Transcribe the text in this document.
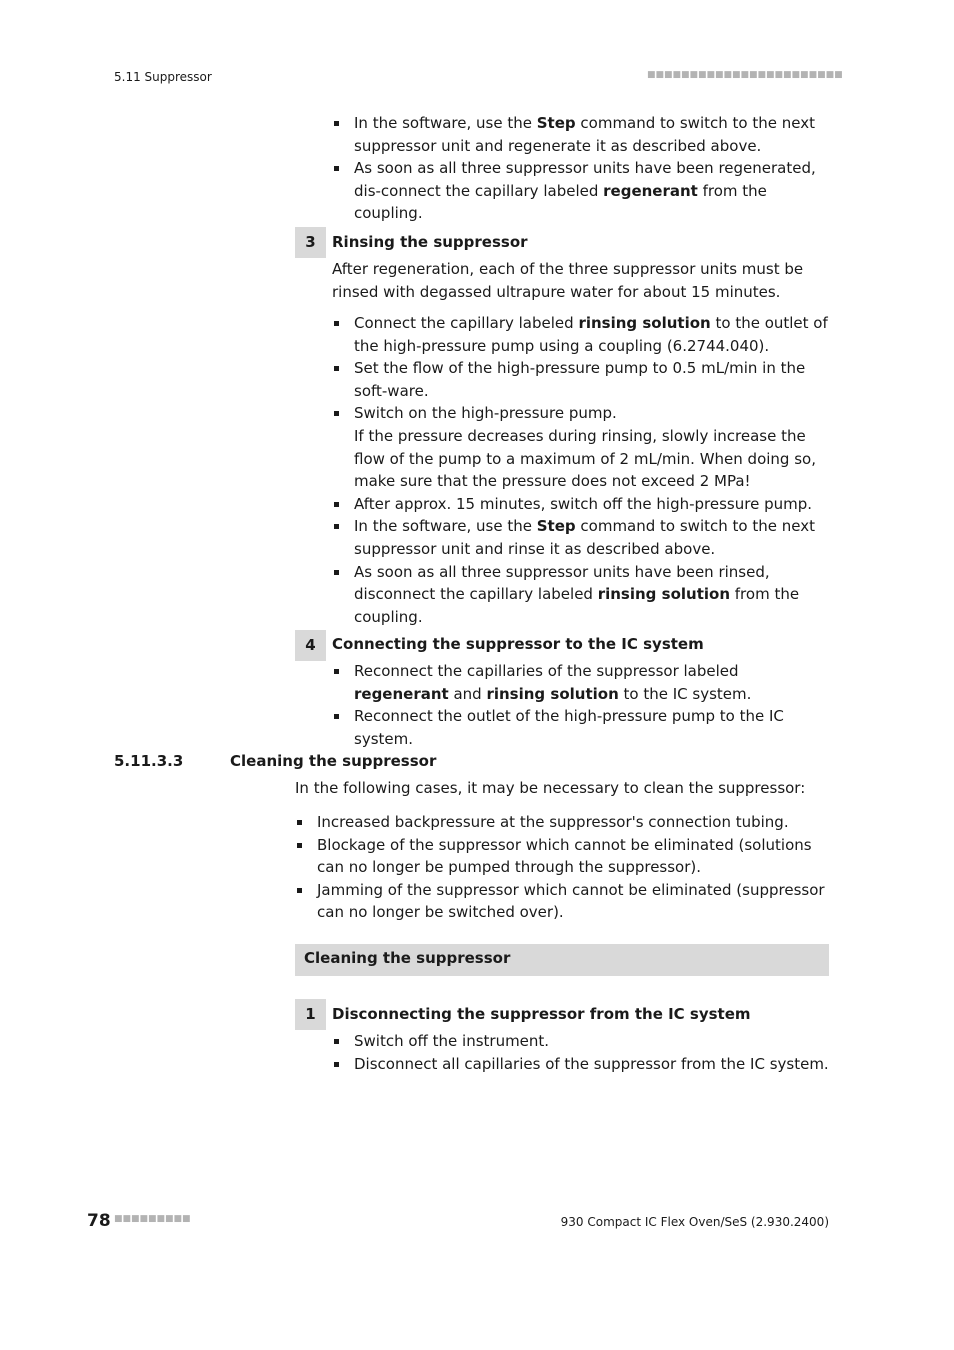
5.11 Suppressor	■■■■■■■■■■■■■■■■■■■■■■■
In the software, use the Step command to switch to the next suppressor unit and regenerate it as described above.
As soon as all three suppressor units have been regenerated, dis-connect the capillary labeled regenerant from the coupling.
3	Rinsing the suppressor
After regeneration, each of the three suppressor units must be rinsed with degassed ultrapure water for about 15 minutes.
Connect the capillary labeled rinsing solution to the outlet of the high-pressure pump using a coupling (6.2744.040).
Set the flow of the high-pressure pump to 0.5 mL/min in the soft-ware.
Switch on the high-pressure pump.
If the pressure decreases during rinsing, slowly increase the flow of the pump to a maximum of 2 mL/min. When doing so, make sure that the pressure does not exceed 2 MPa!
After approx. 15 minutes, switch off the high-pressure pump.
In the software, use the Step command to switch to the next suppressor unit and rinse it as described above.
As soon as all three suppressor units have been rinsed, disconnect the capillary labeled rinsing solution from the coupling.
4	Connecting the suppressor to the IC system
Reconnect the capillaries of the suppressor labeled regenerant and rinsing solution to the IC system.
Reconnect the outlet of the high-pressure pump to the IC system.
5.11.3.3	Cleaning the suppressor
In the following cases, it may be necessary to clean the suppressor:
Increased backpressure at the suppressor's connection tubing.
Blockage of the suppressor which cannot be eliminated (solutions can no longer be pumped through the suppressor).
Jamming of the suppressor which cannot be eliminated (suppressor can no longer be switched over).
Cleaning the suppressor
1	Disconnecting the suppressor from the IC system
Switch off the instrument.
Disconnect all capillaries of the suppressor from the IC system.
78 ■■■■■■■■■	930 Compact IC Flex Oven/SeS (2.930.2400)
